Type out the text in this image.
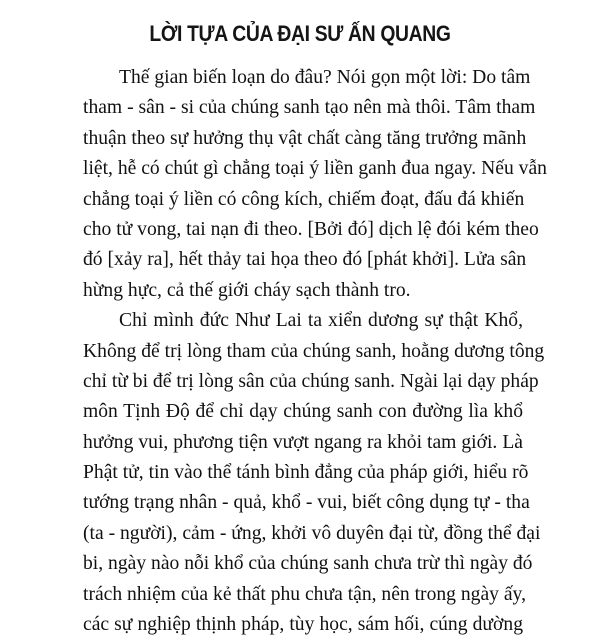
LỜI TỰA CỦA ĐẠI SƯ ẤN QUANG

Thế gian biến loạn do đâu? Nói gọn một lời: Do tâm
tham - sân - si của chúng sanh tạo nên mà thôi. Tâm tham
thuận theo sự hưởng thụ vật chất càng tăng trưởng mãnh
liệt, hễ có chút gì chẳng toại ý liền ganh đua ngay. Nếu vẫn
chẳng toại ý liền có công kích, chiếm đoạt, đấu đá khiến
cho tử vong, tai nạn đi theo. [Bởi đó] dịch lệ đói kém theo
đó [xảy ra], hết thảy tai họa theo đó [phát khởi]. Lửa sân
hừng hực, cả thế giới cháy sạch thành tro.

Chỉ mình đức Như Lai ta xiển dương sự thật Khổ,
Không để trị lòng tham của chúng sanh, hoằng dương tông
chỉ từ bi để trị lòng sân của chúng sanh. Ngài lại dạy pháp
môn Tịnh Độ để chỉ dạy chúng sanh con đường lìa khổ
hưởng vui, phương tiện vượt ngang ra khỏi tam giới. Là
Phật tử, tin vào thể tánh bình đẳng của pháp giới, hiểu rõ
tướng trạng nhân - quả, khổ - vui, biết công dụng tự - tha
(ta - người), cảm - ứng, khởi vô duyên đại từ, đồng thể đại
bi, ngày nào nỗi khổ của chúng sanh chưa trừ thì ngày đó
trách nhiệm của kẻ thất phu chưa tận, nên trong ngày ấy,
các sự nghiệp thịnh pháp, tùy học, sám hối, cúng dường
